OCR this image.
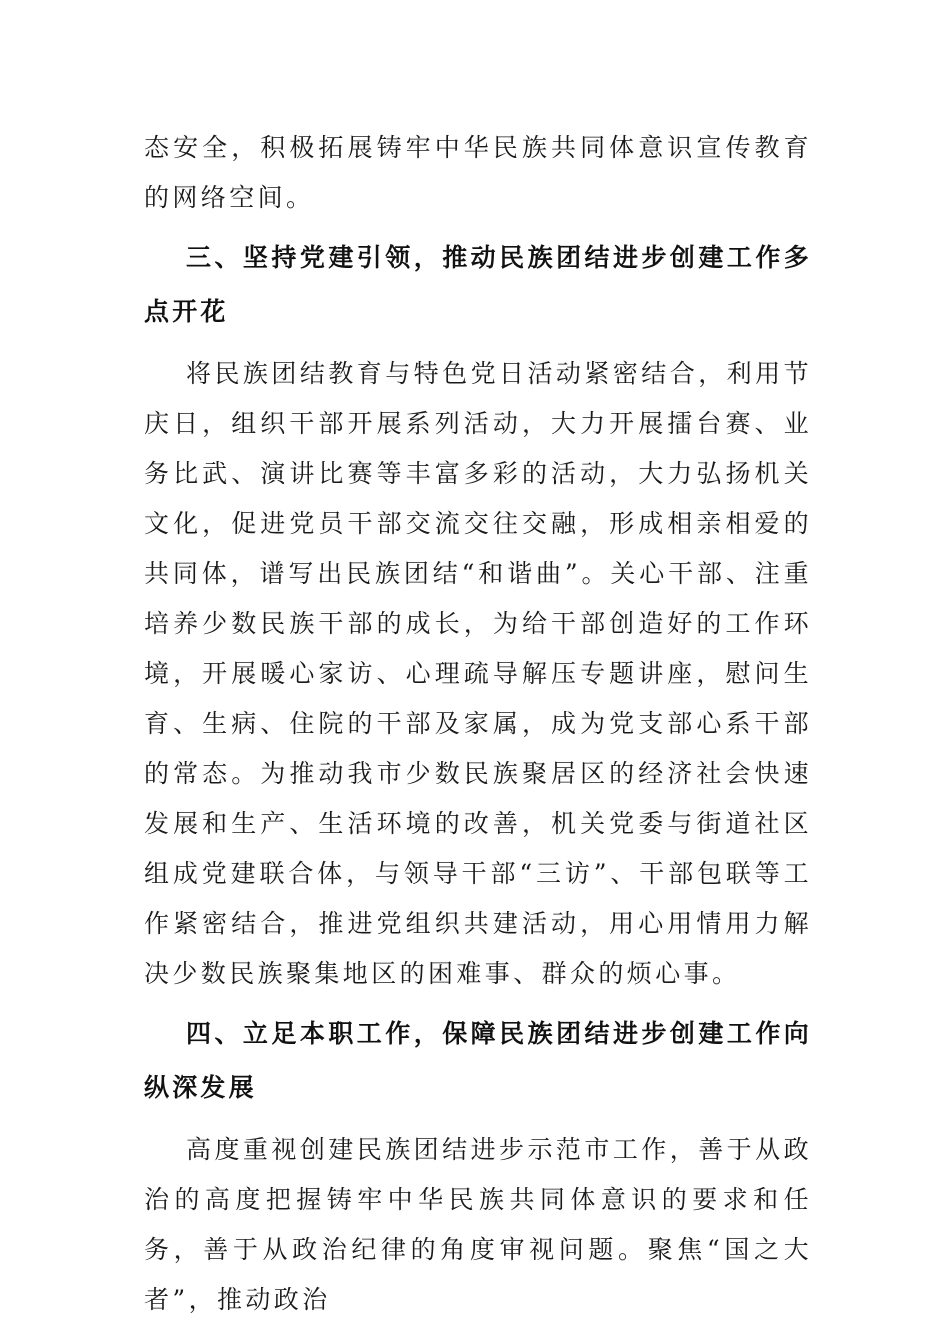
态安全，积极拓展铸牢中华民族共同体意识宣传教育的网络空间。

三、坚持党建引领，推动民族团结进步创建工作多点开花

将民族团结教育与特色党日活动紧密结合，利用节庆日，组织干部开展系列活动，大力开展擂台赛、业务比武、演讲比赛等丰富多彩的活动，大力弘扬机关文化，促进党员干部交流交往交融，形成相亲相爱的共同体，谱写出民族团结“和谐曲”。关心干部、注重培养少数民族干部的成长，为给干部创造好的工作环境，开展暖心家访、心理疏导解压专题讲座，慰问生育、生病、住院的干部及家属，成为党支部心系干部的常态。为推动我市少数民族聚居区的经济社会快速发展和生产、生活环境的改善，机关党委与街道社区组成党建联合体，与领导干部“三访”、干部包联等工作紧密结合，推进党组织共建活动，用心用情用力解决少数民族聚集地区的困难事、群众的烦心事。

四、立足本职工作，保障民族团结进步创建工作向纵深发展

高度重视创建民族团结进步示范市工作，善于从政治的高度把握铸牢中华民族共同体意识的要求和任务，善于从政治纪律的角度审视问题。聚焦“国之大者”，推动政治
